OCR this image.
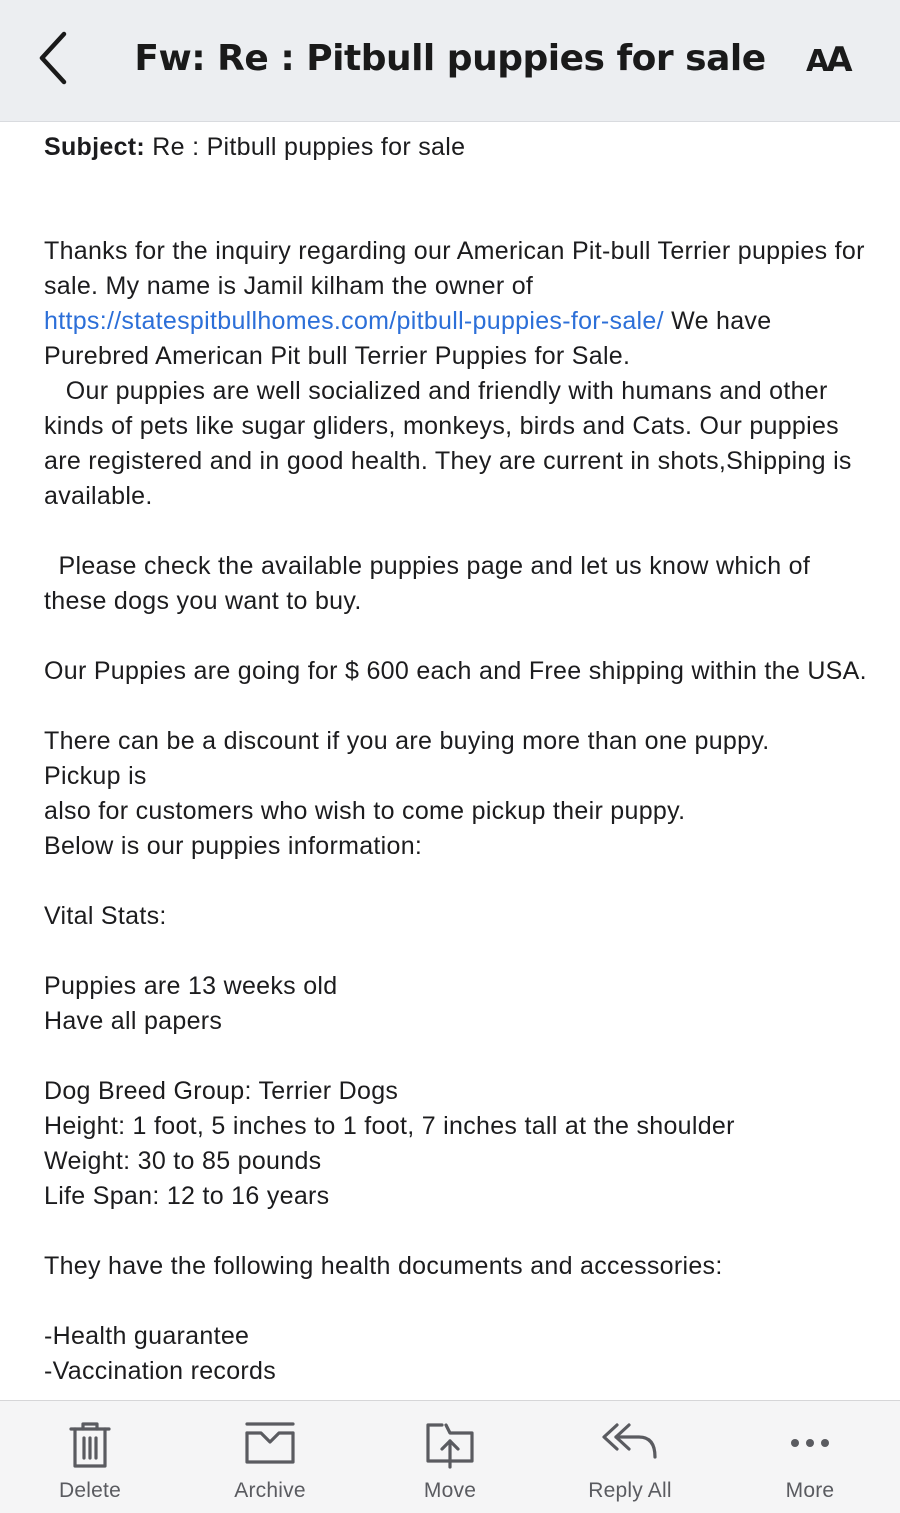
Fw: Re : Pitbull puppies for sale	AA

Subject: Re : Pitbull puppies for sale

Thanks for the inquiry regarding our American Pit-bull Terrier puppies for sale. My name is Jamil kilham the owner of https://statespitbullhomes.com/pitbull-puppies-for-sale/ We have Purebred American Pit bull Terrier Puppies for Sale.

Our puppies are well socialized and friendly with humans and other kinds of pets like sugar gliders, monkeys, birds and Cats. Our puppies are registered and in good health. They are current in shots,Shipping is available.

Please check the available puppies page and let us know which of these dogs you want to buy.

Our Puppies are going for $ 600 each and Free shipping within the USA.

There can be a discount if you are buying more than one puppy.

Pickup is

also for customers who wish to come pickup their puppy.

Below is our puppies information:

Vital Stats:

Puppies are 13 weeks old

Have all papers

Dog Breed Group: Terrier Dogs

Height: 1 foot, 5 inches to 1 foot, 7 inches tall at the shoulder

Weight: 30 to 85 pounds

Life Span: 12 to 16 years

They have the following health documents and accessories:

-Health guarantee

-Vaccination records

Delete	Archive	Move	Reply All	More
